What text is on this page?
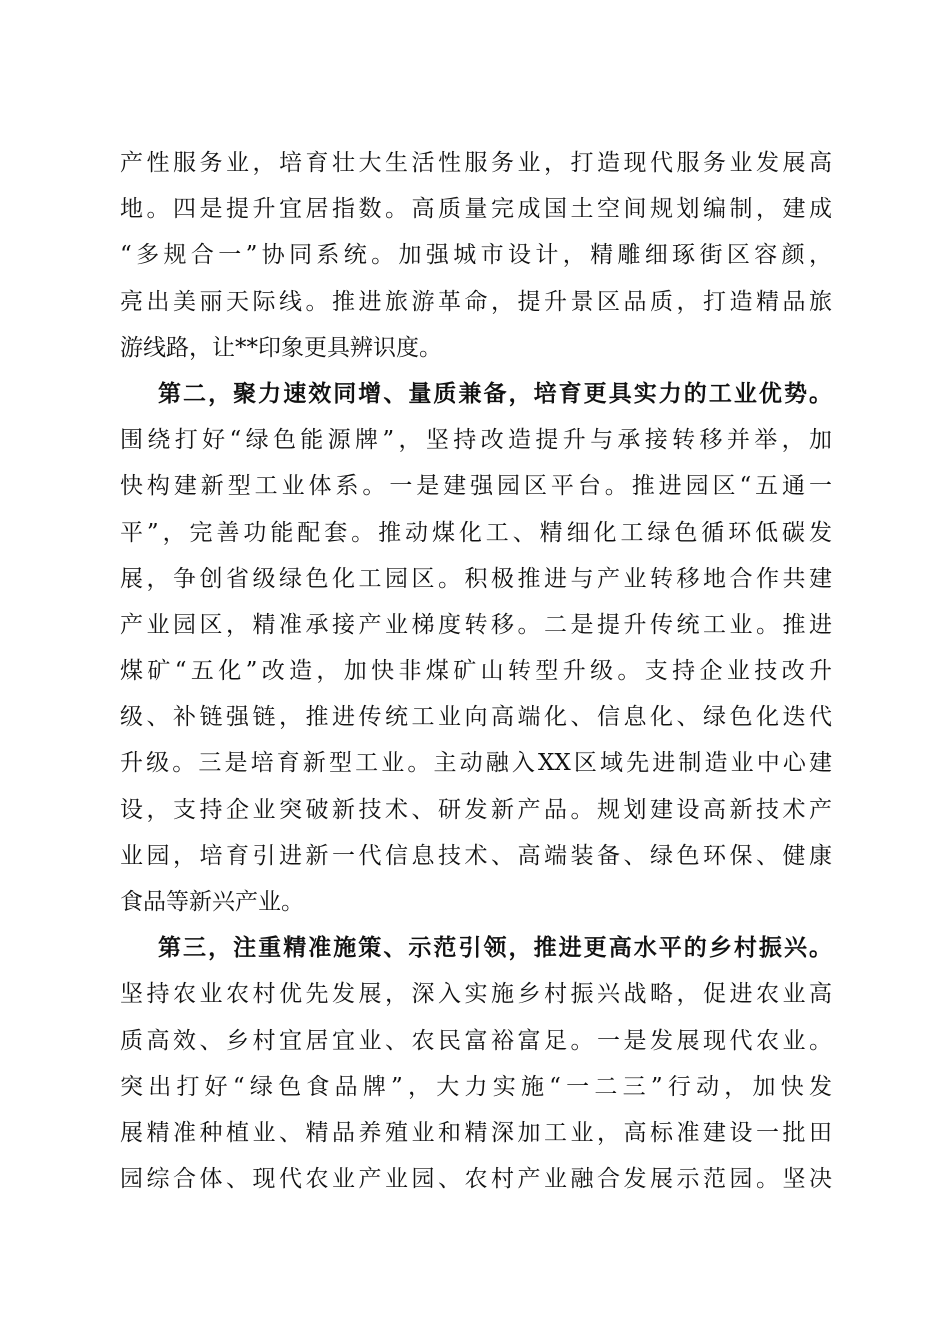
产性服务业，培育壮大生活性服务业，打造现代服务业发展高
地。四是提升宜居指数。高质量完成国土空间规划编制，建成
“多规合一”协同系统。加强城市设计，精雕细琢街区容颜，
亮出美丽天际线。推进旅游革命，提升景区品质，打造精品旅
游线路，让**印象更具辨识度。
第二，聚力速效同增、量质兼备，培育更具实力的工业优势。
围绕打好“绿色能源牌”，坚持改造提升与承接转移并举，加
快构建新型工业体系。一是建强园区平台。推进园区“五通一
平”，完善功能配套。推动煤化工、精细化工绿色循环低碳发
展，争创省级绿色化工园区。积极推进与产业转移地合作共建
产业园区，精准承接产业梯度转移。二是提升传统工业。推进
煤矿“五化”改造，加快非煤矿山转型升级。支持企业技改升
级、补链强链，推进传统工业向高端化、信息化、绿色化迭代
升级。三是培育新型工业。主动融入XX区域先进制造业中心建
设，支持企业突破新技术、研发新产品。规划建设高新技术产
业园，培育引进新一代信息技术、高端装备、绿色环保、健康
食品等新兴产业。
第三，注重精准施策、示范引领，推进更高水平的乡村振兴。
坚持农业农村优先发展，深入实施乡村振兴战略，促进农业高
质高效、乡村宜居宜业、农民富裕富足。一是发展现代农业。
突出打好“绿色食品牌”，大力实施“一二三”行动，加快发
展精准种植业、精品养殖业和精深加工业，高标准建设一批田
园综合体、现代农业产业园、农村产业融合发展示范园。坚决
